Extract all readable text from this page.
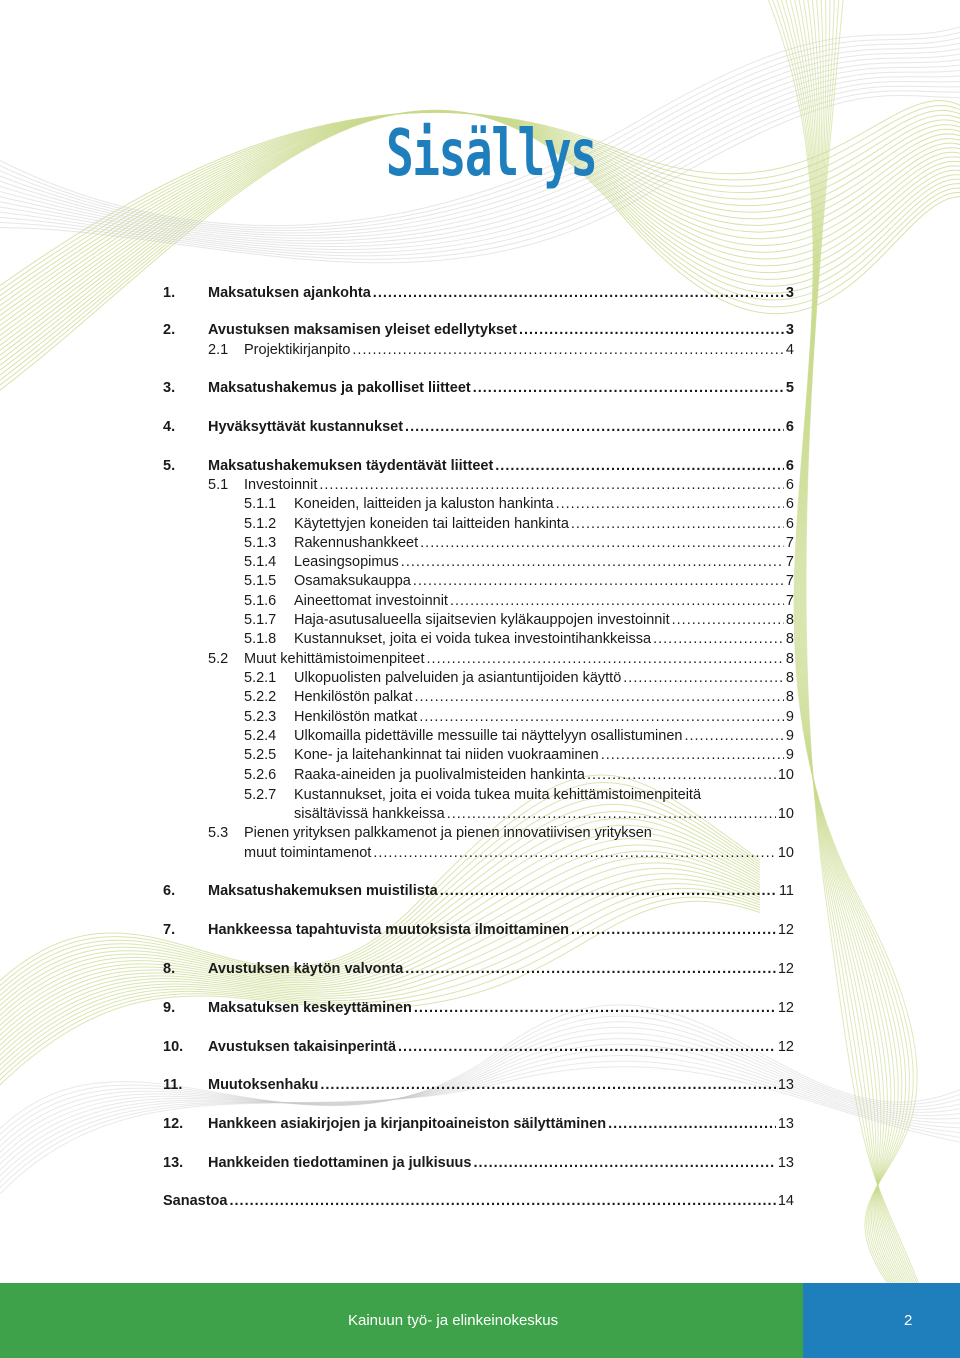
Sisällys
1.	Maksatuksen ajankohta .....	3
2.	Avustuksen maksamisen yleiset edellytykset .....	3
2.1	Projektikirjanpito .....	4
3.	Maksatushakemus ja pakolliset liitteet .....	5
4.	Hyväksyttävät kustannukset .....	6
5.	Maksatushakemuksen täydentävät liitteet .....	6
5.1	Investoinnit .....	6
5.1.1	Koneiden, laitteiden ja kaluston hankinta .....	6
5.1.2	Käytettyjen koneiden tai laitteiden hankinta .....	6
5.1.3	Rakennushankkeet .....	7
5.1.4	Leasingsopimus .....	7
5.1.5	Osamaksukauppa .....	7
5.1.6	Aineettomat investoinnit .....	7
5.1.7	Haja-asutusalueella sijaitsevien kyläkauppojen investoinnit .....	8
5.1.8	Kustannukset, joita ei voida tukea investointihankkeissa .....	8
5.2	Muut kehittämistoimenpiteet .....	8
5.2.1	Ulkopuolisten palveluiden ja asiantuntijoiden käyttö .....	8
5.2.2	Henkilöstön palkat .....	8
5.2.3	Henkilöstön matkat .....	9
5.2.4	Ulkomailla pidettäville messuille tai näyttelyyn osallistuminen .....	9
5.2.5	Kone- ja laitehankinnat tai niiden vuokraaminen .....	9
5.2.6	Raaka-aineiden ja puolivalmisteiden hankinta .....	10
5.2.7 Kustannukset, joita ei voida tukea muita kehittämistoimenpiteitä
sisältävissä hankkeissa .....	10
5.3 Pienen yrityksen palkkamenot ja pienen innovatiivisen yrityksen
muut toimintamenot .....	10
6.	Maksatushakemuksen muistilista .....	11
7.	Hankkeessa tapahtuvista muutoksista ilmoittaminen .....	12
8.	Avustuksen käytön valvonta .....	12
9.	Maksatuksen keskeyttäminen .....	12
10.	Avustuksen takaisinperintä .....	12
11.	Muutoksenhaku .....	13
12.	Hankkeen asiakirjojen ja kirjanpitoaineiston säilyttäminen .....	13
13.	Hankkeiden tiedottaminen ja julkisuus .....	13
Sanastoa .....	14
Kainuun työ- ja elinkeinokeskus	2
